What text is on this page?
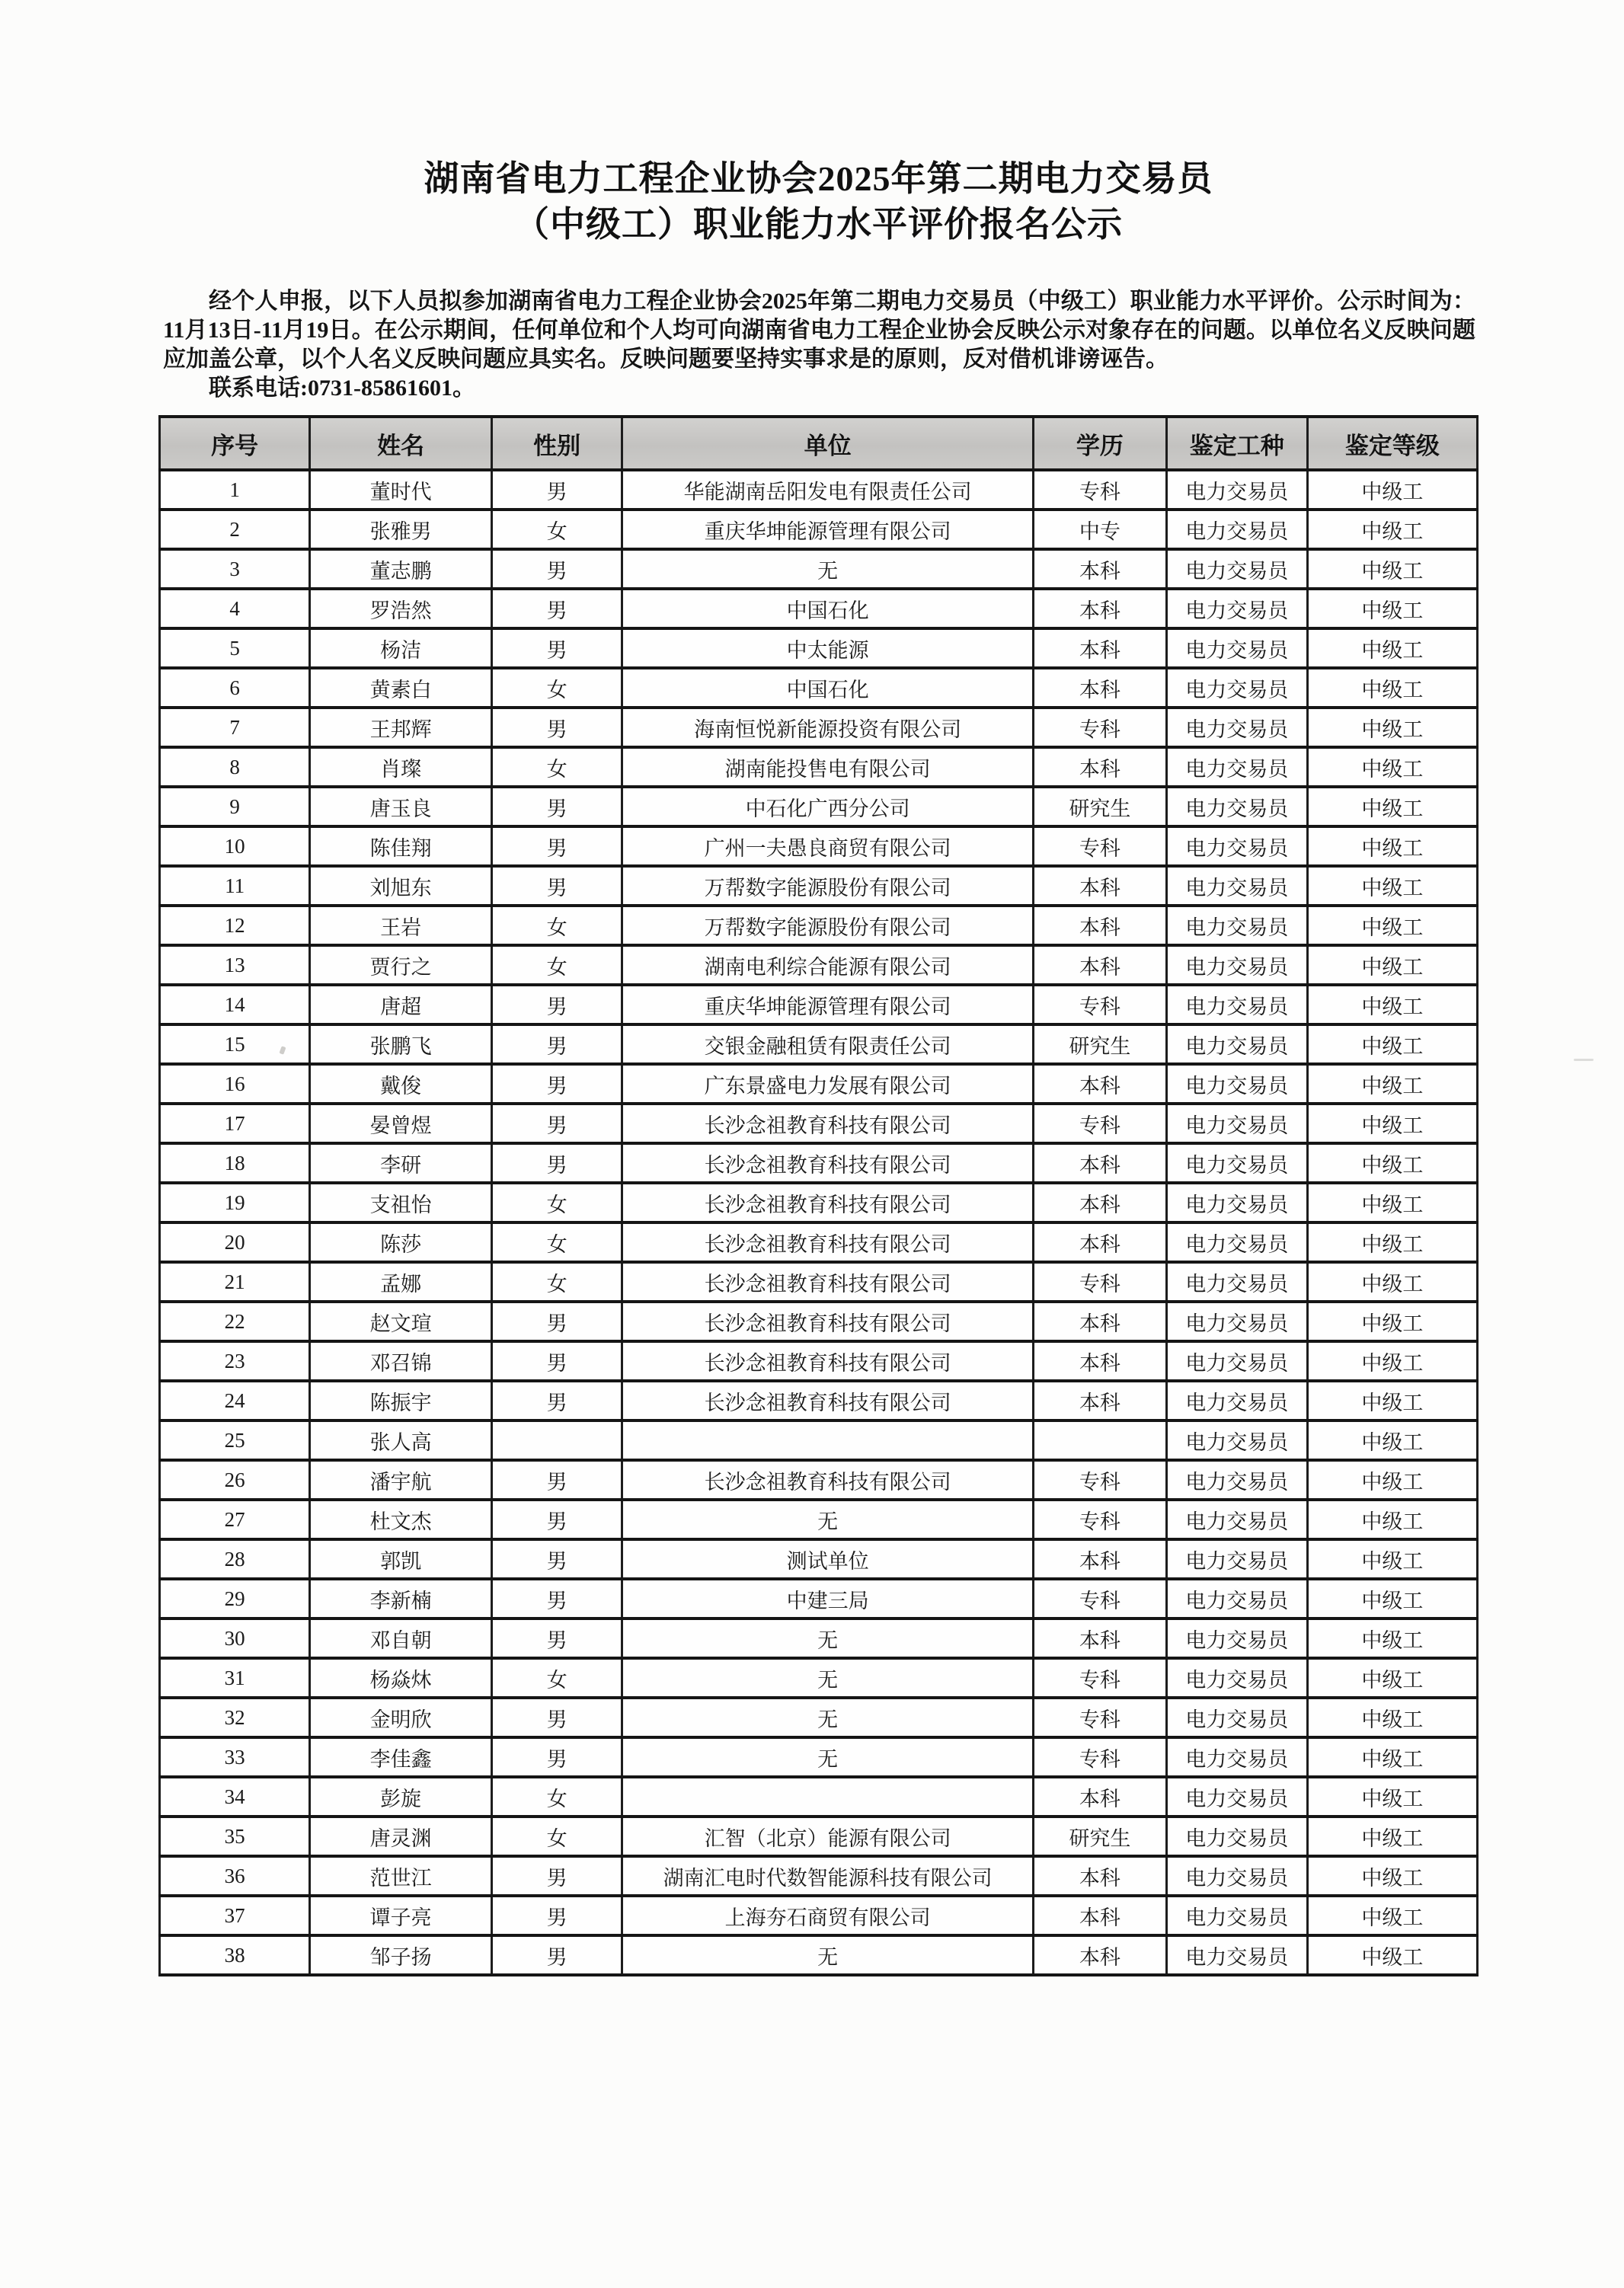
湖南省电力工程企业协会2025年第二期电力交易员
（中级工）职业能力水平评价报名公示

经个人申报，以下人员拟参加湖南省电力工程企业协会2025年第二期电力交易员（中级工）职业能力水平评价。公示时间为：11月13日-11月19日。在公示期间，任何单位和个人均可向湖南省电力工程企业协会反映公示对象存在的问题。以单位名义反映问题应加盖公章，以个人名义反映问题应具实名。反映问题要坚持实事求是的原则，反对借机诽谤诬告。

联系电话:0731-85861601。

序号	姓名	性别	单位	学历	鉴定工种	鉴定等级
1	董时代	男	华能湖南岳阳发电有限责任公司	专科	电力交易员	中级工
2	张雅男	女	重庆华坤能源管理有限公司	中专	电力交易员	中级工
3	董志鹏	男	无	本科	电力交易员	中级工
4	罗浩然	男	中国石化	本科	电力交易员	中级工
5	杨洁	男	中太能源	本科	电力交易员	中级工
6	黄素白	女	中国石化	本科	电力交易员	中级工
7	王邦辉	男	海南恒悦新能源投资有限公司	专科	电力交易员	中级工
8	肖璨	女	湖南能投售电有限公司	本科	电力交易员	中级工
9	唐玉良	男	中石化广西分公司	研究生	电力交易员	中级工
10	陈佳翔	男	广州一夫愚良商贸有限公司	专科	电力交易员	中级工
11	刘旭东	男	万帮数字能源股份有限公司	本科	电力交易员	中级工
12	王岩	女	万帮数字能源股份有限公司	本科	电力交易员	中级工
13	贾行之	女	湖南电利综合能源有限公司	本科	电力交易员	中级工
14	唐超	男	重庆华坤能源管理有限公司	专科	电力交易员	中级工
15	张鹏飞	男	交银金融租赁有限责任公司	研究生	电力交易员	中级工
16	戴俊	男	广东景盛电力发展有限公司	本科	电力交易员	中级工
17	晏曾煜	男	长沙念祖教育科技有限公司	专科	电力交易员	中级工
18	李研	男	长沙念祖教育科技有限公司	本科	电力交易员	中级工
19	支祖怡	女	长沙念祖教育科技有限公司	本科	电力交易员	中级工
20	陈莎	女	长沙念祖教育科技有限公司	本科	电力交易员	中级工
21	孟娜	女	长沙念祖教育科技有限公司	专科	电力交易员	中级工
22	赵文瑄	男	长沙念祖教育科技有限公司	本科	电力交易员	中级工
23	邓召锦	男	长沙念祖教育科技有限公司	本科	电力交易员	中级工
24	陈振宇	男	长沙念祖教育科技有限公司	本科	电力交易员	中级工
25	张人高				电力交易员	中级工
26	潘宇航	男	长沙念祖教育科技有限公司	专科	电力交易员	中级工
27	杜文杰	男	无	专科	电力交易员	中级工
28	郭凯	男	测试单位	本科	电力交易员	中级工
29	李新楠	男	中建三局	专科	电力交易员	中级工
30	邓自朝	男	无	本科	电力交易员	中级工
31	杨焱炑	女	无	专科	电力交易员	中级工
32	金明欣	男	无	专科	电力交易员	中级工
33	李佳鑫	男	无	专科	电力交易员	中级工
34	彭旋	女		本科	电力交易员	中级工
35	唐灵渊	女	汇智（北京）能源有限公司	研究生	电力交易员	中级工
36	范世江	男	湖南汇电时代数智能源科技有限公司	本科	电力交易员	中级工
37	谭子亮	男	上海夯石商贸有限公司	本科	电力交易员	中级工
38	邹子扬	男	无	本科	电力交易员	中级工
